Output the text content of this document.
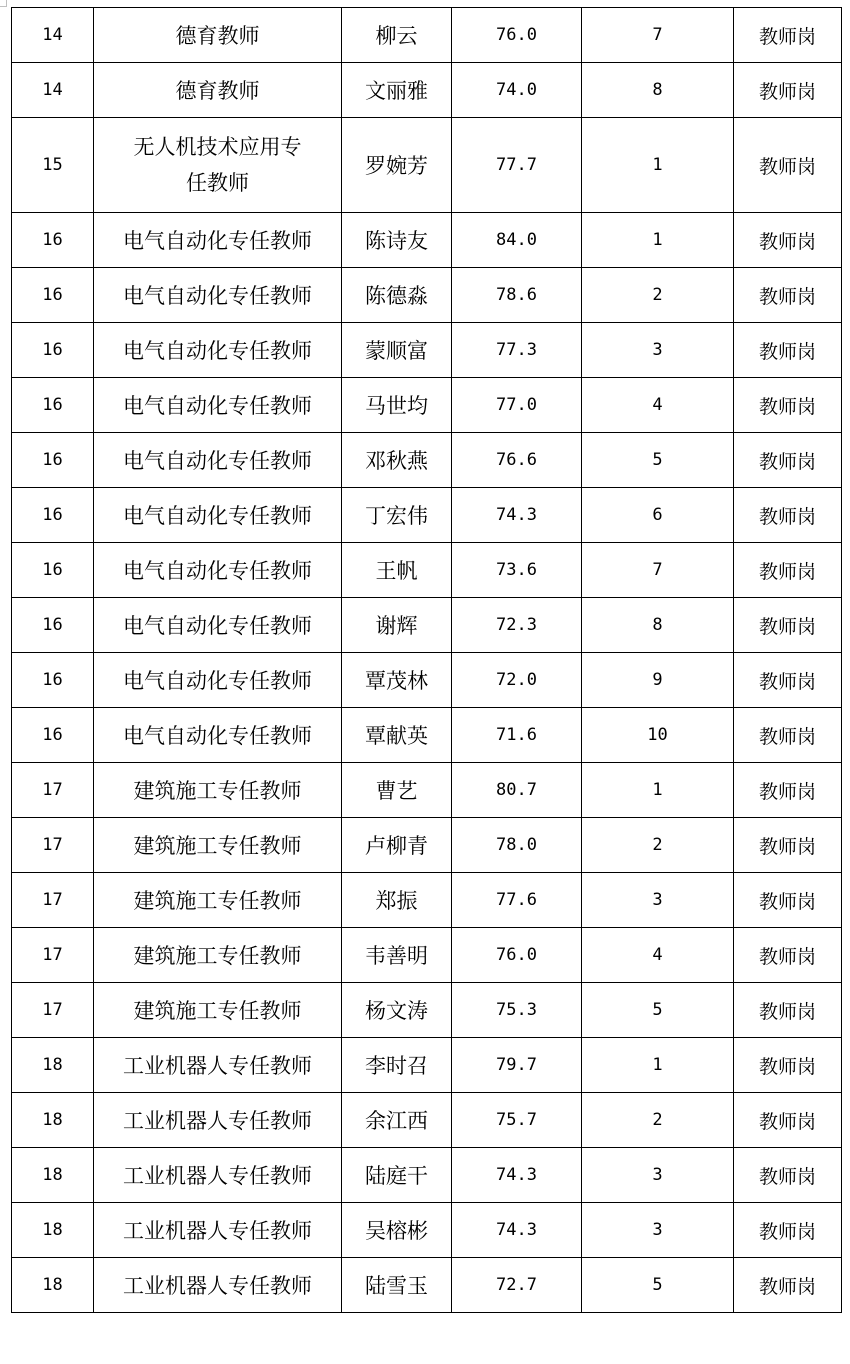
14	德育教师	柳云	76.0	7	教师岗
14	德育教师	文丽雅	74.0	8	教师岗
15	无人机技术应用专任教师	罗婉芳	77.7	1	教师岗
16	电气自动化专任教师	陈诗友	84.0	1	教师岗
16	电气自动化专任教师	陈德淼	78.6	2	教师岗
16	电气自动化专任教师	蒙顺富	77.3	3	教师岗
16	电气自动化专任教师	马世均	77.0	4	教师岗
16	电气自动化专任教师	邓秋燕	76.6	5	教师岗
16	电气自动化专任教师	丁宏伟	74.3	6	教师岗
16	电气自动化专任教师	王帆	73.6	7	教师岗
16	电气自动化专任教师	谢辉	72.3	8	教师岗
16	电气自动化专任教师	覃茂林	72.0	9	教师岗
16	电气自动化专任教师	覃献英	71.6	10	教师岗
17	建筑施工专任教师	曹艺	80.7	1	教师岗
17	建筑施工专任教师	卢柳青	78.0	2	教师岗
17	建筑施工专任教师	郑振	77.6	3	教师岗
17	建筑施工专任教师	韦善明	76.0	4	教师岗
17	建筑施工专任教师	杨文涛	75.3	5	教师岗
18	工业机器人专任教师	李时召	79.7	1	教师岗
18	工业机器人专任教师	余江西	75.7	2	教师岗
18	工业机器人专任教师	陆庭干	74.3	3	教师岗
18	工业机器人专任教师	吴榕彬	74.3	3	教师岗
18	工业机器人专任教师	陆雪玉	72.7	5	教师岗
